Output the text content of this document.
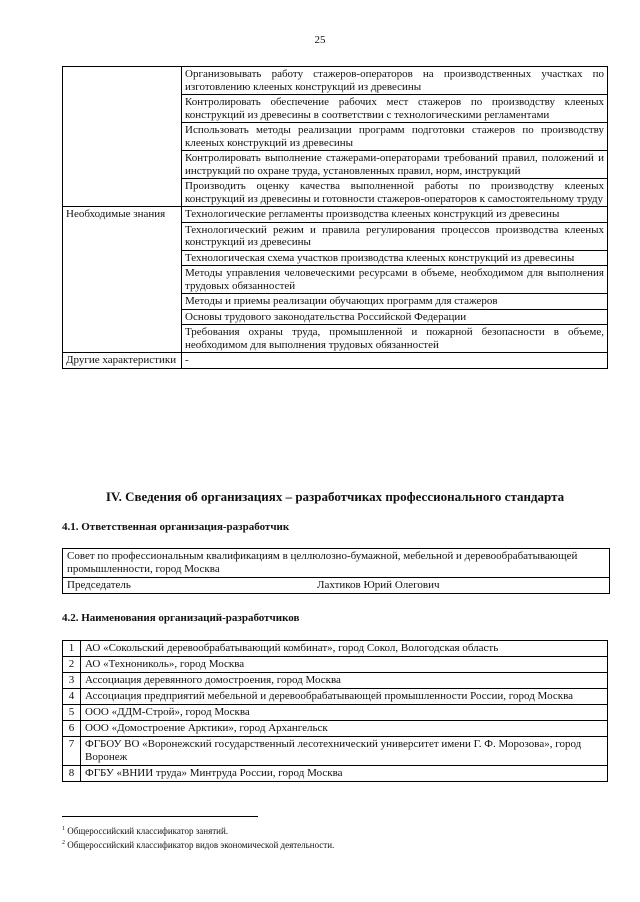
25
	Организовывать работу стажеров-операторов на производственных участках по изготовлению клееных конструкций из древесины
	Контролировать обеспечение рабочих мест стажеров по производству клееных конструкций из древесины в соответствии с технологическими регламентами
	Использовать методы реализации программ подготовки стажеров по производству клееных конструкций из древесины
	Контролировать выполнение стажерами-операторами требований правил, положений и инструкций по охране труда, установленных правил, норм, инструкций
	Производить оценку качества выполненной работы по производству клееных конструкций из древесины и готовности стажеров-операторов к самостоятельному труду
Необходимые знания	Технологические регламенты производства клееных конструкций из древесины
	Технологический режим и правила регулирования процессов производства клееных конструкций из древесины
	Технологическая схема участков производства клееных конструкций из древесины
	Методы управления человеческими ресурсами в объеме, необходимом для выполнения трудовых обязанностей
	Методы и приемы реализации обучающих программ для стажеров
	Основы трудового законодательства Российской Федерации
	Требования охраны труда, промышленной и пожарной безопасности в объеме, необходимом для выполнения трудовых обязанностей
Другие характеристики	-
IV. Сведения об организациях – разработчиках профессионального стандарта
4.1. Ответственная организация-разработчик
Совет по профессиональным квалификациям в целлюлозно-бумажной, мебельной и деревообрабатывающей промышленности, город Москва
Председатель	Лахтиков Юрий Олегович
4.2. Наименования организаций-разработчиков
1	АО «Сокольский деревообрабатывающий комбинат», город Сокол, Вологодская область
2	АО «Технониколь», город Москва
3	Ассоциация деревянного домостроения, город Москва
4	Ассоциация предприятий мебельной и деревообрабатывающей промышленности России, город Москва
5	ООО «ДДМ-Строй», город Москва
6	ООО «Домостроение Арктики», город Архангельск
7	ФГБОУ ВО «Воронежский государственный лесотехнический университет имени Г. Ф. Морозова», город Воронеж
8	ФГБУ «ВНИИ труда» Минтруда России, город Москва
$^1$ Общероссийский классификатор занятий.
$^2$ Общероссийский классификатор видов экономической деятельности.
